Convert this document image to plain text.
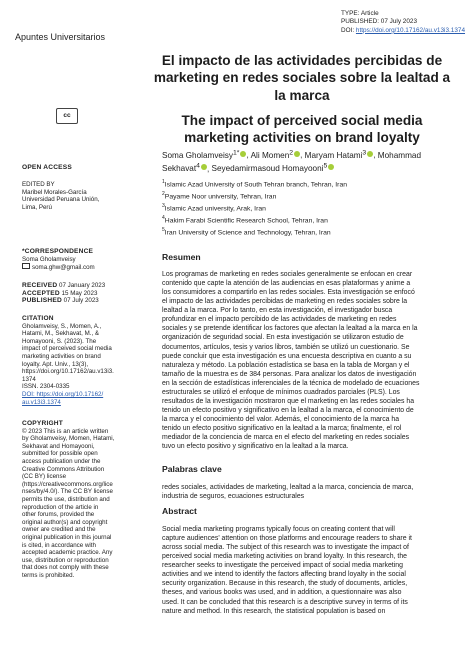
TYPE: Article
PUBLISHED: 07 July 2023
DOI: https://doi.org/10.17162/au.v13i3.1374
Apuntes Universitarios
cc
El impacto de las actividades percibidas de marketing en redes sociales sobre la lealtad a la marca
The impact of perceived social media marketing activities on brand loyalty
Soma Gholamveisy$^{1*}$ , Ali Momen$^2$ , Maryam Hatami$^3$ , Mohammad Sekhavat$^4$ , Seyedamirmasoud Homayooni$^5$
$^1$Islamic Azad University of South Tehran branch, Tehran, Iran
$^2$Payame Noor university, Tehran, Iran
$^3$Islamic Azad university, Arak, Iran
$^4$Hakim Farabi Scientific Research School, Tehran, Iran
$^5$Iran University of Science and Technology, Tehran, Iran
OPEN ACCESS
EDITED BY
Maribel Morales-García
Universidad Peruana Unión,
Lima, Perú
*CORRESPONDENCE
Soma Gholamveisy
soma.ghw@gmail.com
RECEIVED 07 January 2023
ACCEPTED 15 May 2023
PUBLISHED 07 July 2023
CITATION
Gholamveisy, S., Momen, A.,
Hatami, M., Sekhavat, M., &
Homayooni, S. (2023). The
impact of perceived social media
marketing activities on brand
loyalty. Apt. Univ., 13(3),
https://doi.org/10.17162/au.v13i3.
1374
ISSN. 2304-0335
DOI: https://doi.org/10.17162/
au.v13i3.1374
COPYRIGHT
© 2023 This is an article written
by Gholamveisy, Momen, Hatami,
Sekhavat and Homayooni,
submitted for possible open
access publication under the
Creative Commons Attribution
(CC BY) license
(https://creativecommons.org/lice
nses/by/4.0/). The CC BY license
permits the use, distribution and
reproduction of the article in
other forums, provided the
original author(s) and copyright
owner are credited and the
original publication in this journal
is cited, in accordance with
accepted academic practice. Any
use, distribution or reproduction
that does not comply with these
terms is prohibited.
Resumen
Los programas de marketing en redes sociales generalmente se enfocan en crear
contenido que capte la atención de las audiencias en esas plataformas y anime a
los consumidores a compartirlo en las redes sociales. Esta investigación se enfocó
el impacto de las actividades percibidas de marketing en redes sociales sobre la
lealtad a la marca. Por lo tanto, en esta investigación, el investigador busca
profundizar en el impacto percibido de las actividades de marketing en redes
sociales y se pretende identificar los factores que afectan la lealtad a la marca en la
organización de seguridad social. En esta investigación se utilizaron estudio de
documentos, artículos, tesis y varios libros, también se utilizó un cuestionario. Se
puede concluir que esta investigación es una encuesta descriptiva en cuanto a su
naturaleza y método. La población estadística se basa en la tabla de Morgan y el
tamaño de la muestra es de 384 personas. Para analizar los datos de investigación
en la sección de estadísticas inferenciales de la técnica de modelado de ecuaciones
estructurales se utilizó el enfoque de mínimos cuadrados parciales (PLS). Los
resultados de la investigación mostraron que el marketing en las redes sociales ha
tenido un efecto positivo y significativo en la lealtad a la marca, el conocimiento de
la marca y el conocimiento del valor. Además, el conocimiento de la marca ha
tenido un efecto positivo significativo en la lealtad a la marca; finalmente, el rol
mediador de la conciencia de marca en el efecto del marketing en redes sociales
tuvo un efecto positivo y significativo en la lealtad a la marca.
Palabras clave
redes sociales, actividades de marketing, lealtad a la marca, conciencia de marca,
industria de seguros, ecuaciones estructurales
Abstract
Social media marketing programs typically focus on creating content that will
capture audiences' attention on those platforms and encourage readers to share it
across social media. The subject of this research was to investigate the impact of
perceived social media marketing activities on brand loyalty. In this research, the
researcher seeks to investigate the perceived impact of social media marketing
activities and we intend to identify the factors affecting brand loyalty in the social
security organization. Because in this research, the study of documents, articles,
theses, and various books was used, and in addition, a questionnaire was also
used. It can be concluded that this research is a descriptive survey in terms of its
nature and method. In this research, the statistical population is based on
